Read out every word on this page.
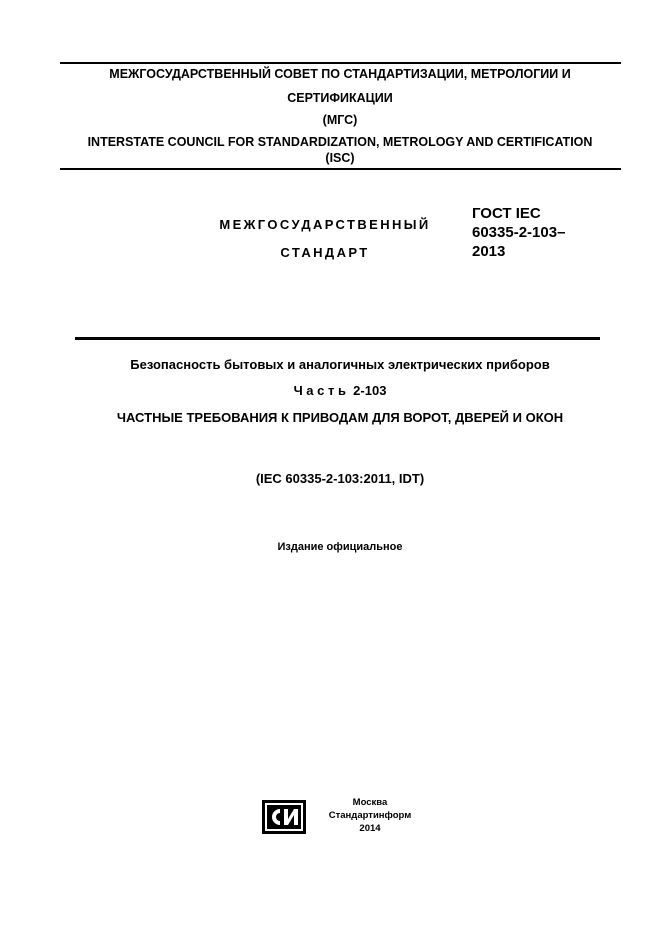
МЕЖГОСУДАРСТВЕННЫЙ СОВЕТ ПО СТАНДАРТИЗАЦИИ, МЕТРОЛОГИИ И
СЕРТИФИКАЦИИ
(МГС)
INTERSTATE COUNCIL FOR STANDARDIZATION, METROLOGY AND CERTIFICATION
(ISC)
МЕЖГОСУДАРСТВЕННЫЙ
СТАНДАРТ
ГОСТ IEC
60335-2-103–
2013
Безопасность бытовых и аналогичных электрических приборов
Ч а с т ь  2-103
ЧАСТНЫЕ ТРЕБОВАНИЯ К ПРИВОДАМ ДЛЯ ВОРОТ, ДВЕРЕЙ И ОКОН
(IEC 60335-2-103:2011, IDT)
Издание официальное
Москва
Стандартинформ
2014
